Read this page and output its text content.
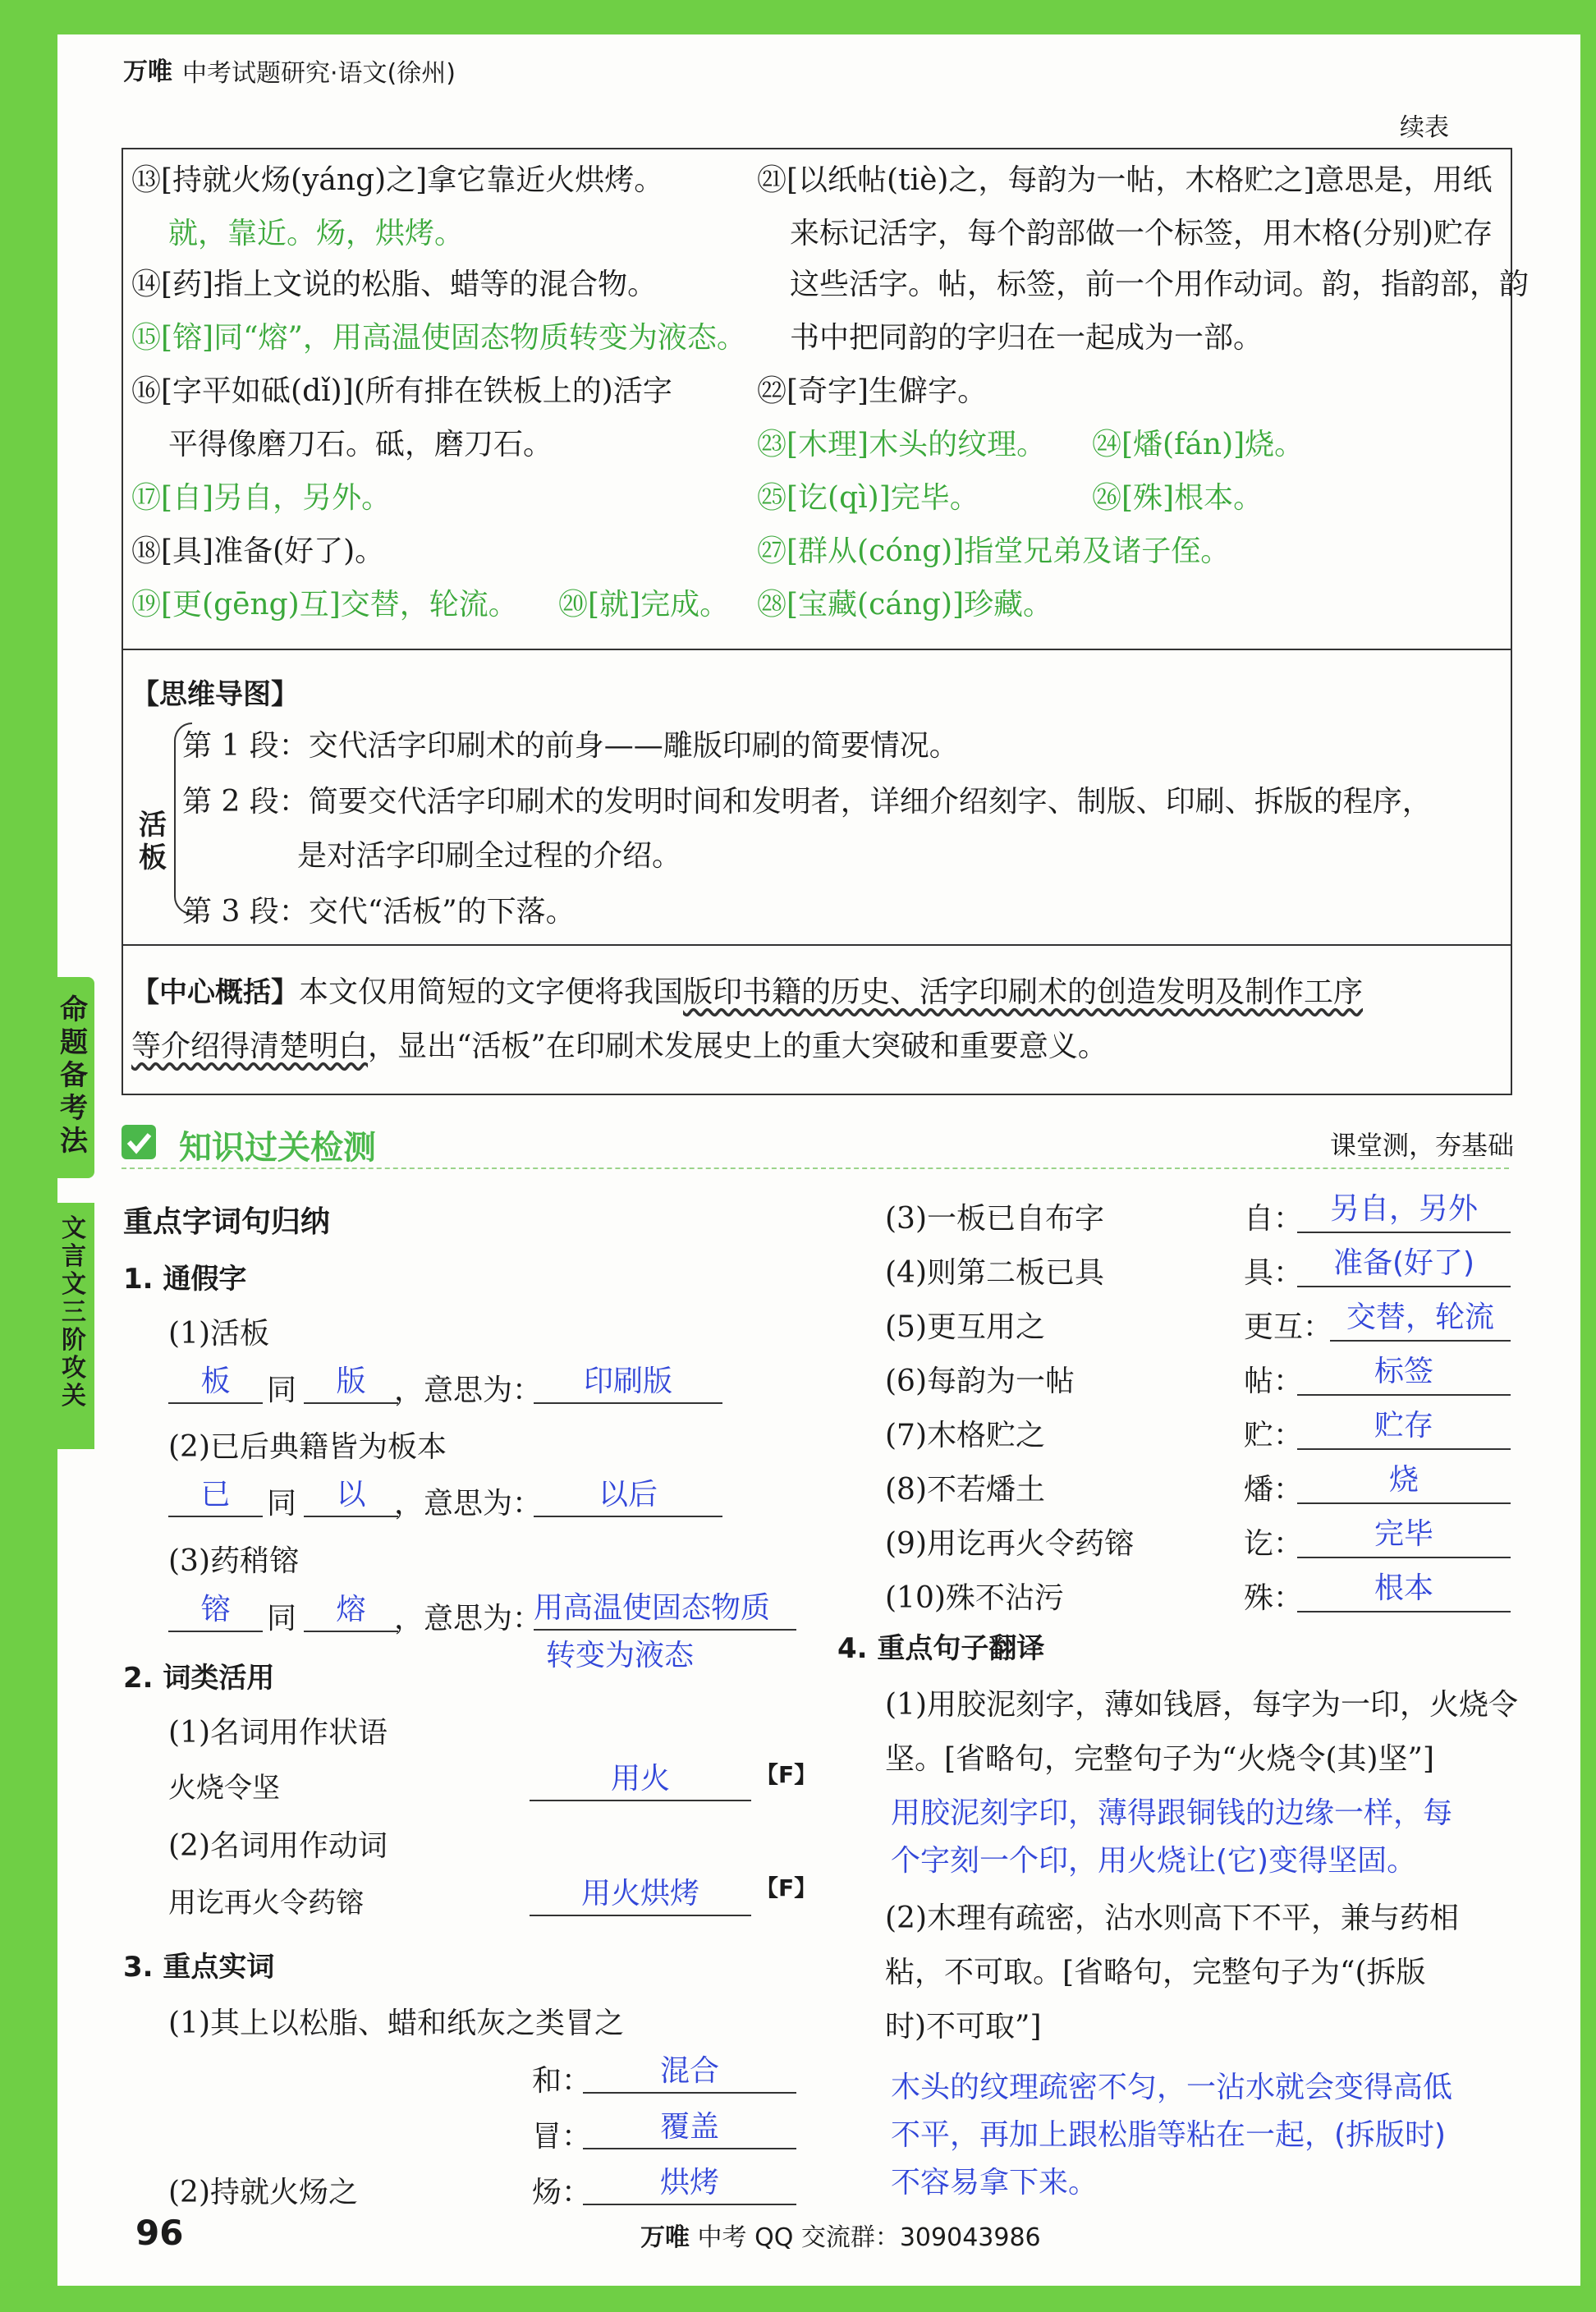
万唯 中考试题研究·语文(徐州)
续表
⑬[持就火炀(yáng)之]拿它靠近火烘烤。
就，靠近。炀，烘烤。
⑭[药]指上文说的松脂、蜡等的混合物。
⑮[镕]同“熔”，用高温使固态物质转变为液态。
⑯[字平如砥(dǐ)](所有排在铁板上的)活字
平得像磨刀石。砥，磨刀石。
⑰[自]另自，另外。
⑱[具]准备(好了)。
⑲[更(gēng)互]交替，轮流。 ⑳[就]完成。
㉑[以纸帖(tiè)之，每韵为一帖，木格贮之]意思是，用纸
来标记活字，每个韵部做一个标签，用木格(分别)贮存
这些活字。帖，标签，前一个用作动词。韵，指韵部，韵
书中把同韵的字归在一起成为一部。
㉒[奇字]生僻字。
㉓[木理]木头的纹理。 ㉔[燔(fán)]烧。
㉕[讫(qì)]完毕。	㉖[殊]根本。
㉗[群从(cóng)]指堂兄弟及诸子侄。
㉘[宝藏(cáng)]珍藏。
【思维导图】
活板
第 1 段：交代活字印刷术的前身——雕版印刷的简要情况。
第 2 段：简要交代活字印刷术的发明时间和发明者，详细介绍刻字、制版、印刷、拆版的程序，
是对活字印刷全过程的介绍。
第 3 段：交代“活板”的下落。
【中心概括】本文仅用简短的文字便将我国版印书籍的历史、活字印刷术的创造发明及制作工序
等介绍得清楚明白，显出“活板”在印刷术发展史上的重大突破和重要意义。
命题备考法
文言文三阶攻关
知识过关检测	课堂测，夯基础
重点字词句归纳
1. 通假字
(1)活板
板	同	版 ，意思为：	印刷版
(2)已后典籍皆为板本
已	同	以 ，意思为：	以后
(3)药稍镕
镕	同	熔 ，意思为：
用高温使固态物质
转变为液态
2. 词类活用
(1)名词用作状语
火烧令坚	用火	【F】
(2)名词用作动词
用讫再火令药镕	用火烘烤	【F】
3. 重点实词
(1)其上以松脂、蜡和纸灰之类冒之
和：	混合
冒：	覆盖
(2)持就火炀之	炀：	烘烤
(3)一板已自布字	自： 另自，另外
(4)则第二板已具	具：	准备(好了)
(5)更互用之	更互： 交替，轮流
(6)每韵为一帖	帖：	标签
(7)木格贮之	贮：	贮存
(8)不若燔土	燔：	烧
(9)用讫再火令药镕	讫：	完毕
(10)殊不沾污	殊：	根本
4. 重点句子翻译
(1)用胶泥刻字，薄如钱唇，每字为一印，火烧令
坚。[省略句，完整句子为“火烧令(其)坚”]
用胶泥刻字印，薄得跟铜钱的边缘一样，每
个字刻一个印，用火烧让(它)变得坚固。
(2)木理有疏密，沾水则高下不平，兼与药相
粘，不可取。[省略句，完整句子为“(拆版
时)不可取”]
木头的纹理疏密不匀，一沾水就会变得高低
不平，再加上跟松脂等粘在一起，(拆版时)
不容易拿下来。
96	万唯 中考 QQ 交流群：309043986
